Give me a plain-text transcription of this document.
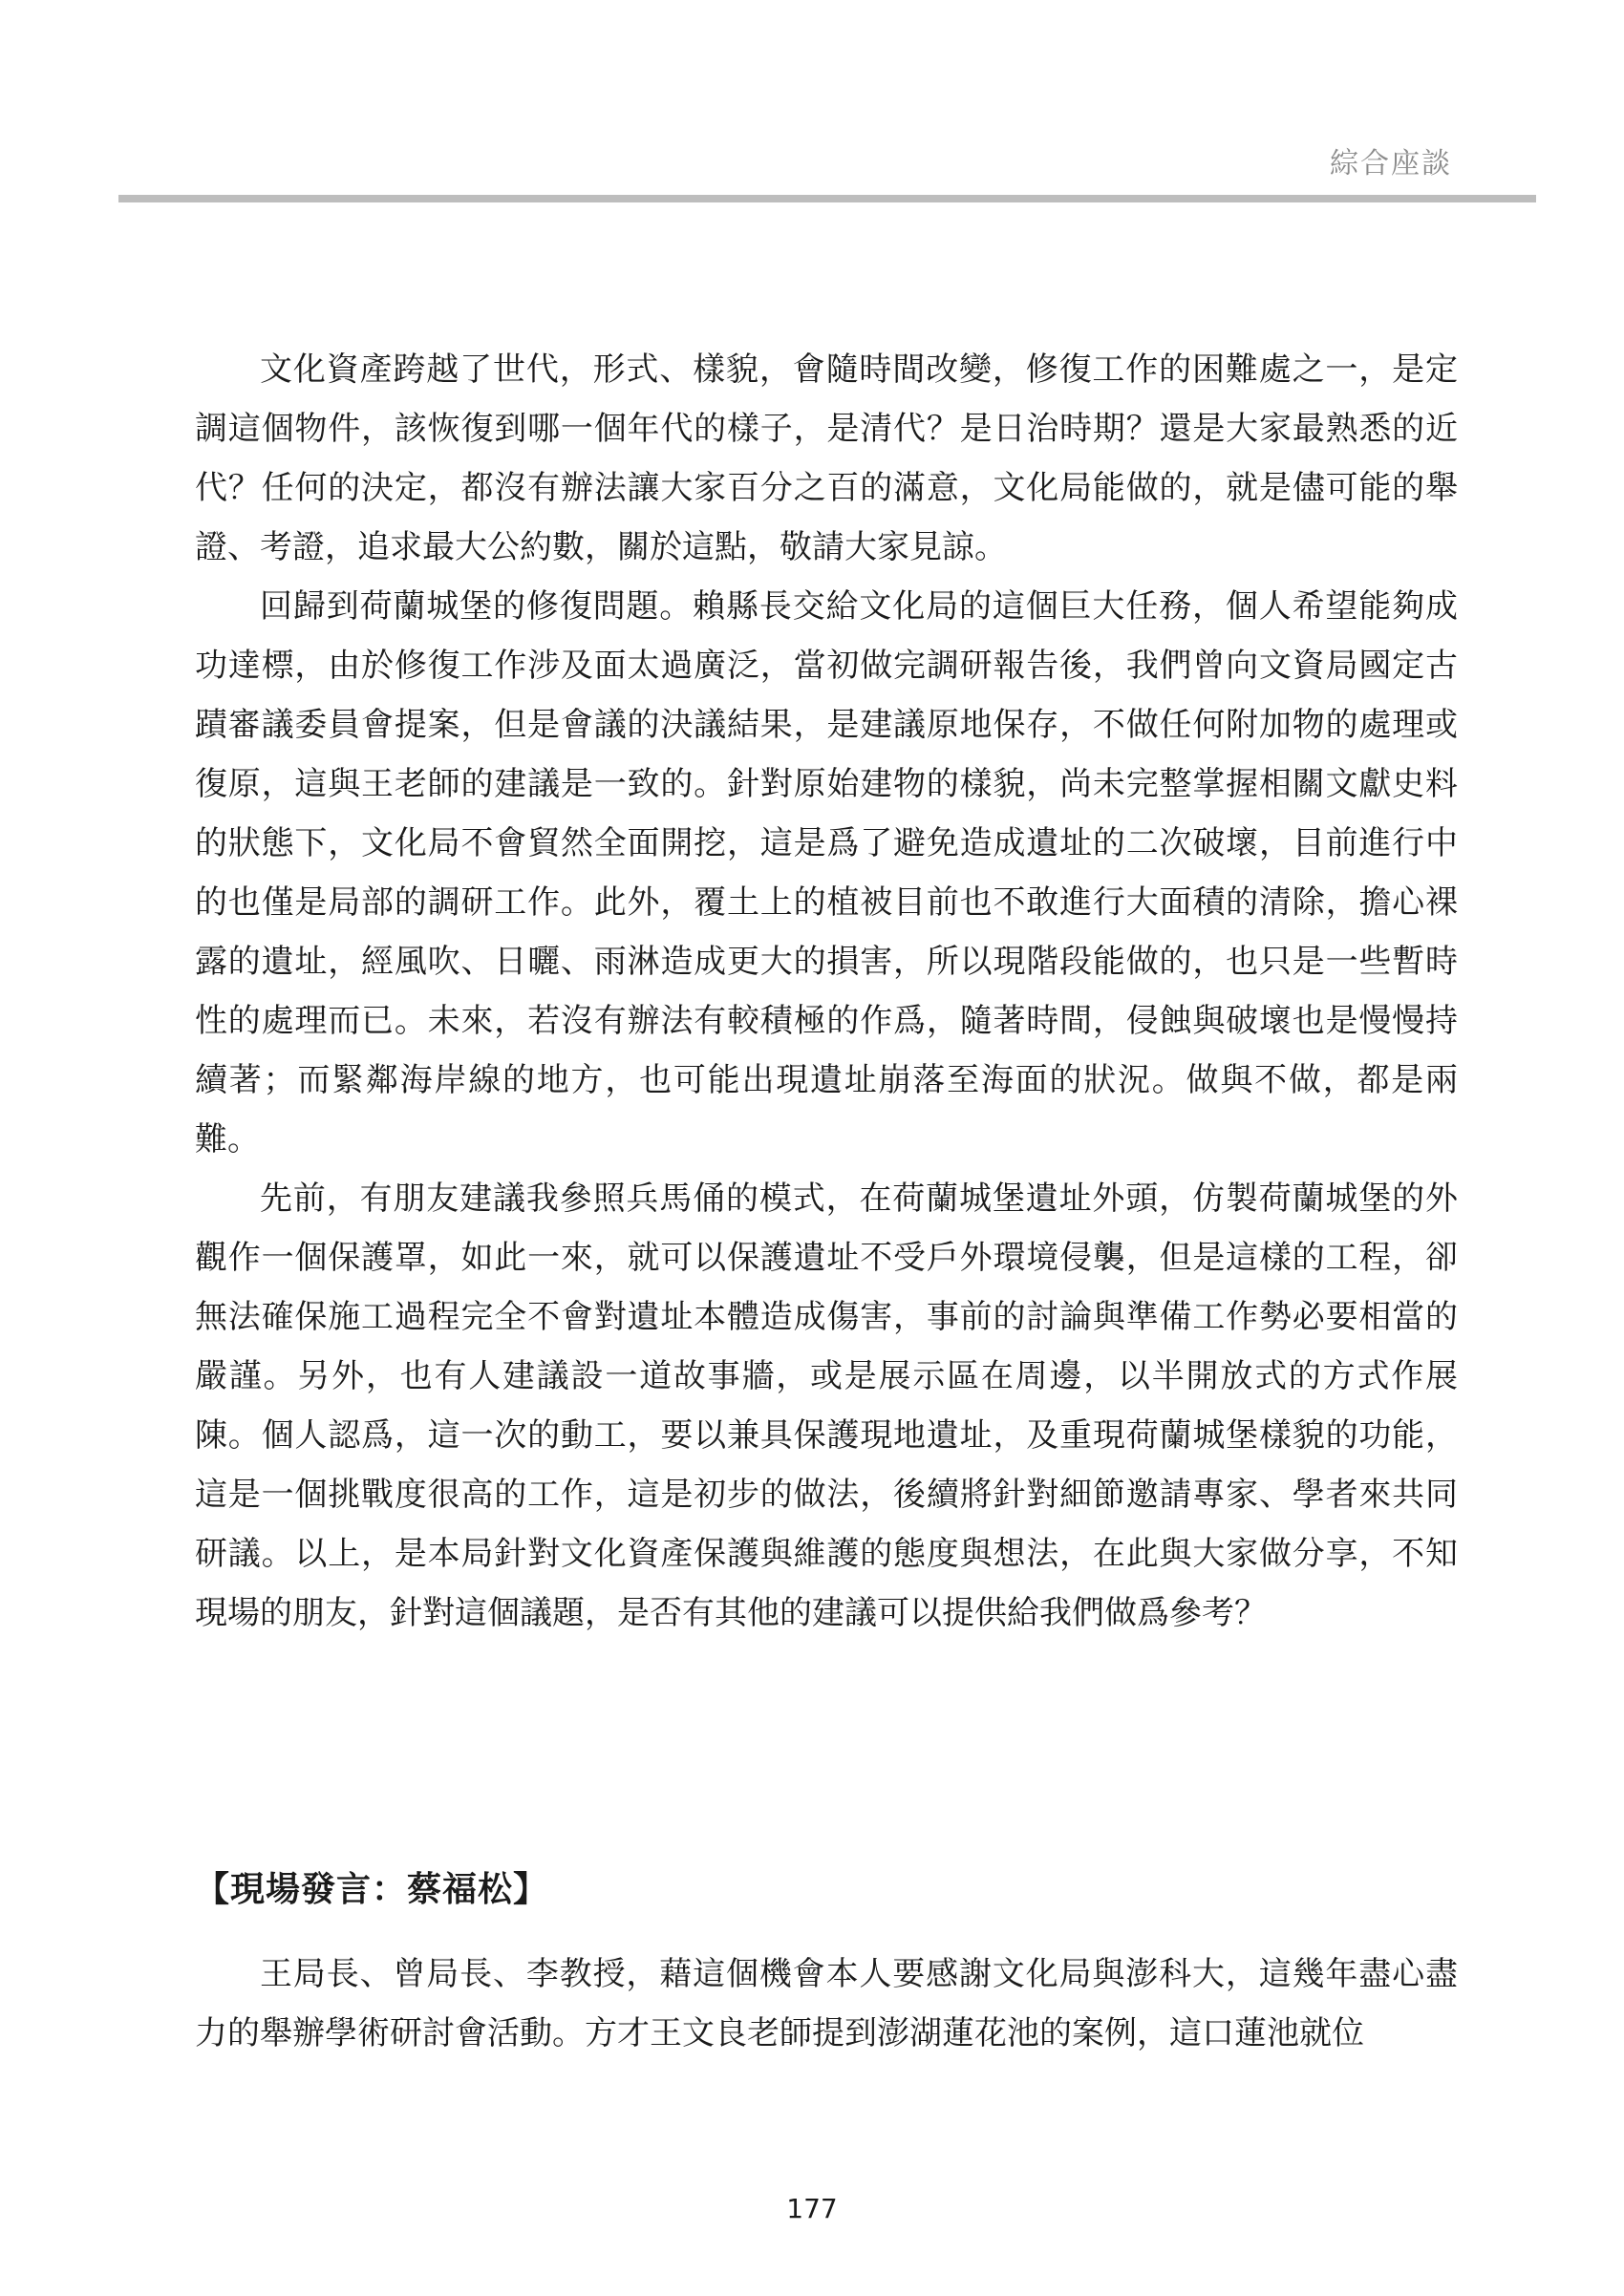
綜合座談

文化資產跨越了世代，形式、樣貌，會隨時間改變，修復工作的困難處之一，是定調這個物件，該恢復到哪一個年代的樣子，是清代？是日治時期？還是大家最熟悉的近代？任何的決定，都沒有辦法讓大家百分之百的滿意，文化局能做的，就是儘可能的舉證、考證，追求最大公約數，關於這點，敬請大家見諒。

回歸到荷蘭城堡的修復問題。賴縣長交給文化局的這個巨大任務，個人希望能夠成功達標，由於修復工作涉及面太過廣泛，當初做完調研報告後，我們曾向文資局國定古蹟審議委員會提案，但是會議的決議結果，是建議原地保存，不做任何附加物的處理或復原，這與王老師的建議是一致的。針對原始建物的樣貌，尚未完整掌握相關文獻史料的狀態下，文化局不會貿然全面開挖，這是爲了避免造成遺址的二次破壞，目前進行中的也僅是局部的調研工作。此外，覆土上的植被目前也不敢進行大面積的清除，擔心裸露的遺址，經風吹、日曬、雨淋造成更大的損害，所以現階段能做的，也只是一些暫時性的處理而已。未來，若沒有辦法有較積極的作爲，隨著時間，侵蝕與破壞也是慢慢持續著；而緊鄰海岸線的地方，也可能出現遺址崩落至海面的狀況。做與不做，都是兩難。

先前，有朋友建議我參照兵馬俑的模式，在荷蘭城堡遺址外頭，仿製荷蘭城堡的外觀作一個保護罩，如此一來，就可以保護遺址不受戶外環境侵襲，但是這樣的工程，卻無法確保施工過程完全不會對遺址本體造成傷害，事前的討論與準備工作勢必要相當的嚴謹。另外，也有人建議設一道故事牆，或是展示區在周邊，以半開放式的方式作展陳。個人認爲，這一次的動工，要以兼具保護現地遺址，及重現荷蘭城堡樣貌的功能，這是一個挑戰度很高的工作，這是初步的做法，後續將針對細節邀請專家、學者來共同研議。以上，是本局針對文化資產保護與維護的態度與想法，在此與大家做分享，不知現場的朋友，針對這個議題，是否有其他的建議可以提供給我們做爲參考？

【現場發言：蔡福松】

王局長、曾局長、李教授，藉這個機會本人要感謝文化局與澎科大，這幾年盡心盡力的舉辦學術研討會活動。方才王文良老師提到澎湖蓮花池的案例，這口蓮池就位

177
